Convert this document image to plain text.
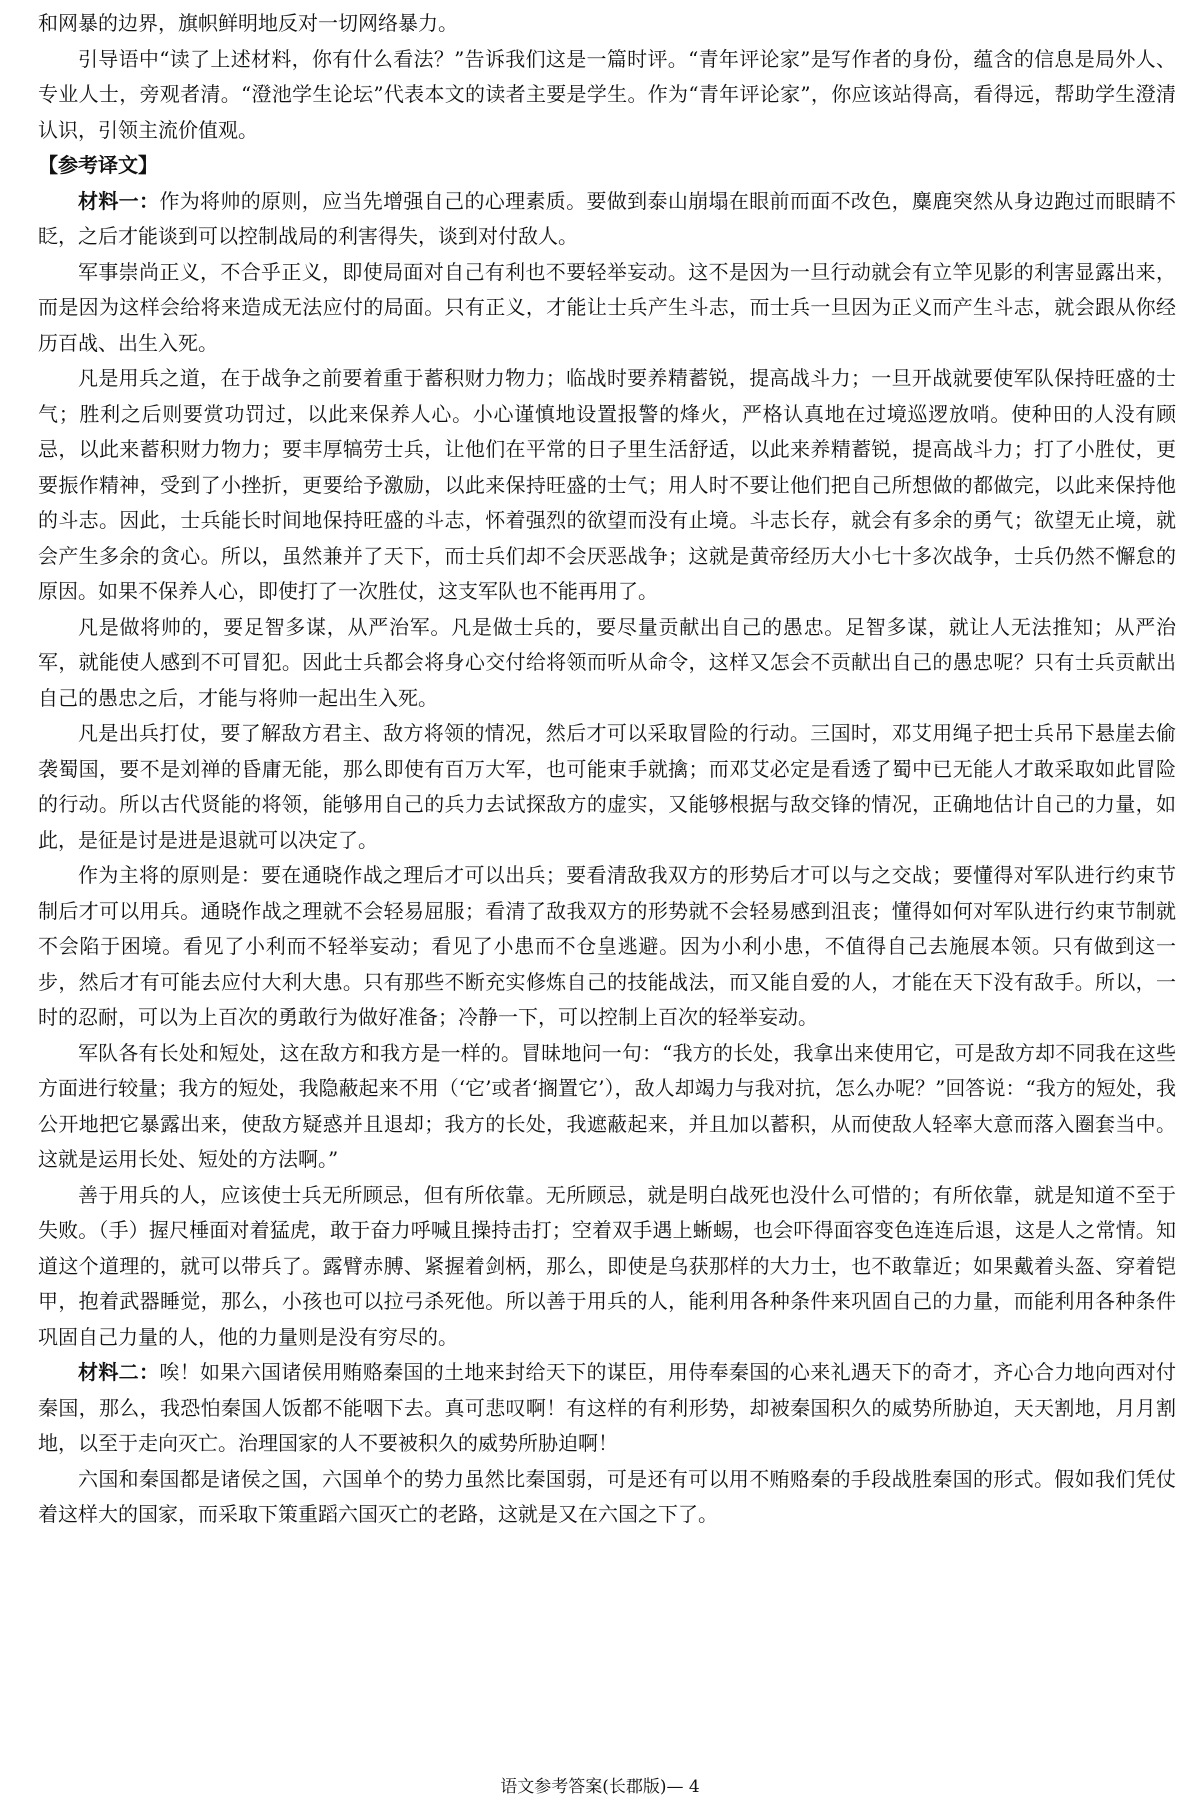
和网暴的边界，旗帜鲜明地反对一切网络暴力。

引导语中“读了上述材料，你有什么看法？”告诉我们这是一篇时评。“青年评论家”是写作者的身份，蕴含的信息是局外人、专业人士，旁观者清。“澄池学生论坛”代表本文的读者主要是学生。作为“青年评论家”，你应该站得高，看得远，帮助学生澄清认识，引领主流价值观。

【参考译文】

材料一：作为将帅的原则，应当先增强自己的心理素质。要做到泰山崩塌在眼前而面不改色，麋鹿突然从身边跑过而眼睛不眨，之后才能谈到可以控制战局的利害得失，谈到对付敌人。

军事崇尚正义，不合乎正义，即使局面对自己有利也不要轻举妄动。这不是因为一旦行动就会有立竿见影的利害显露出来，而是因为这样会给将来造成无法应付的局面。只有正义，才能让士兵产生斗志，而士兵一旦因为正义而产生斗志，就会跟从你经历百战、出生入死。

凡是用兵之道，在于战争之前要着重于蓄积财力物力；临战时要养精蓄锐，提高战斗力；一旦开战就要使军队保持旺盛的士气；胜利之后则要赏功罚过，以此来保养人心。小心谨慎地设置报警的烽火，严格认真地在过境巡逻放哨。使种田的人没有顾忌，以此来蓄积财力物力；要丰厚犒劳士兵，让他们在平常的日子里生活舒适，以此来养精蓄锐，提高战斗力；打了小胜仗，更要振作精神，受到了小挫折，更要给予激励，以此来保持旺盛的士气；用人时不要让他们把自己所想做的都做完，以此来保持他的斗志。因此，士兵能长时间地保持旺盛的斗志，怀着强烈的欲望而没有止境。斗志长存，就会有多余的勇气；欲望无止境，就会产生多余的贪心。所以，虽然兼并了天下，而士兵们却不会厌恶战争；这就是黄帝经历大小七十多次战争，士兵仍然不懈怠的原因。如果不保养人心，即使打了一次胜仗，这支军队也不能再用了。

凡是做将帅的，要足智多谋，从严治军。凡是做士兵的，要尽量贡献出自己的愚忠。足智多谋，就让人无法推知；从严治军，就能使人感到不可冒犯。因此士兵都会将身心交付给将领而听从命令，这样又怎会不贡献出自己的愚忠呢？只有士兵贡献出自己的愚忠之后，才能与将帅一起出生入死。

凡是出兵打仗，要了解敌方君主、敌方将领的情况，然后才可以采取冒险的行动。三国时，邓艾用绳子把士兵吊下悬崖去偷袭蜀国，要不是刘禅的昏庸无能，那么即使有百万大军，也可能束手就擒；而邓艾必定是看透了蜀中已无能人才敢采取如此冒险的行动。所以古代贤能的将领，能够用自己的兵力去试探敌方的虚实，又能够根据与敌交锋的情况，正确地估计自己的力量，如此，是征是讨是进是退就可以决定了。

作为主将的原则是：要在通晓作战之理后才可以出兵；要看清敌我双方的形势后才可以与之交战；要懂得对军队进行约束节制后才可以用兵。通晓作战之理就不会轻易屈服；看清了敌我双方的形势就不会轻易感到沮丧；懂得如何对军队进行约束节制就不会陷于困境。看见了小利而不轻举妄动；看见了小患而不仓皇逃避。因为小利小患，不值得自己去施展本领。只有做到这一步，然后才有可能去应付大利大患。只有那些不断充实修炼自己的技能战法，而又能自爱的人，才能在天下没有敌手。所以，一时的忍耐，可以为上百次的勇敢行为做好准备；冷静一下，可以控制上百次的轻举妄动。

军队各有长处和短处，这在敌方和我方是一样的。冒昧地问一句：“我方的长处，我拿出来使用它，可是敌方却不同我在这些方面进行较量；我方的短处，我隐蔽起来不用（‘它’或者‘搁置它’），敌人却竭力与我对抗，怎么办呢？”回答说：“我方的短处，我公开地把它暴露出来，使敌方疑惑并且退却；我方的长处，我遮蔽起来，并且加以蓄积，从而使敌人轻率大意而落入圈套当中。这就是运用长处、短处的方法啊。”

善于用兵的人，应该使士兵无所顾忌，但有所依靠。无所顾忌，就是明白战死也没什么可惜的；有所依靠，就是知道不至于失败。（手）握尺棰面对着猛虎，敢于奋力呼喊且操持击打；空着双手遇上蜥蜴，也会吓得面容变色连连后退，这是人之常情。知道这个道理的，就可以带兵了。露臂赤膊、紧握着剑柄，那么，即使是乌获那样的大力士，也不敢靠近；如果戴着头盔、穿着铠甲，抱着武器睡觉，那么，小孩也可以拉弓杀死他。所以善于用兵的人，能利用各种条件来巩固自己的力量，而能利用各种条件巩固自己力量的人，他的力量则是没有穷尽的。

材料二：唉！如果六国诸侯用贿赂秦国的土地来封给天下的谋臣，用侍奉秦国的心来礼遇天下的奇才，齐心合力地向西对付秦国，那么，我恐怕秦国人饭都不能咽下去。真可悲叹啊！有这样的有利形势，却被秦国积久的威势所胁迫，天天割地，月月割地，以至于走向灭亡。治理国家的人不要被积久的威势所胁迫啊！

六国和秦国都是诸侯之国，六国单个的势力虽然比秦国弱，可是还有可以用不贿赂秦的手段战胜秦国的形式。假如我们凭仗着这样大的国家，而采取下策重蹈六国灭亡的老路，这就是又在六国之下了。

语文参考答案(长郡版)— 4
